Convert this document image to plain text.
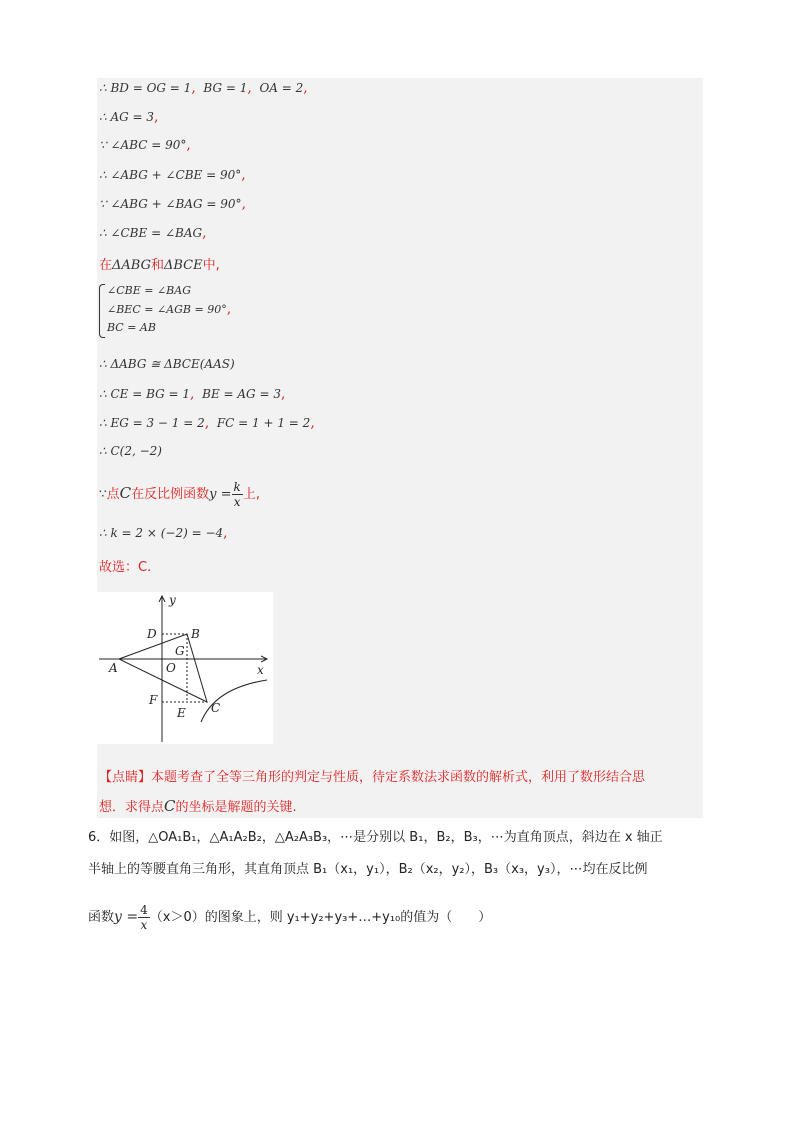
∴ BD = OG = 1, BG = 1, OA = 2,
∴ AG = 3,
∵ ∠ABC = 90°,
∴ ∠ABG + ∠CBE = 90°,
∵ ∠ABG + ∠BAG = 90°,
∴ ∠CBE = ∠BAG,
在ΔABG和ΔBCE中,
∠CBE = ∠BAG
∠BEC = ∠AGB = 90°,
BC = AB
∴ ΔABG ≅ ΔBCE(AAS)
∴ CE = BG = 1, BE = AG = 3,
∴ EG = 3 − 1 = 2, FC = 1 + 1 = 2,
∴ C(2, −2)
∵点C在反比例函数$y = \frac{k}{x}$ 上,
∴ k = 2 × (−2) = −4,
故选：C.
y
x
D	B
G
A	O
F
E C
【点睛】本题考查了全等三角形的判定与性质，待定系数法求函数的解析式，利用了数形结合思
想．求得点C的坐标是解题的关键.
6．如图，△OA₁B₁，△A₁A₂B₂，△A₂A₃B₃，⋯是分别以 B₁，B₂，B₃，⋯为直角顶点，斜边在 x 轴正
半轴上的等腰直角三角形，其直角顶点 B₁（x₁，y₁），B₂（x₂，y₂），B₃（x₃，y₃），⋯均在反比例
函数$y = \frac{4}{x} (x>0)$的图象上，则 y₁+y₂+y₃+…+y₁₀的值为（　　）
